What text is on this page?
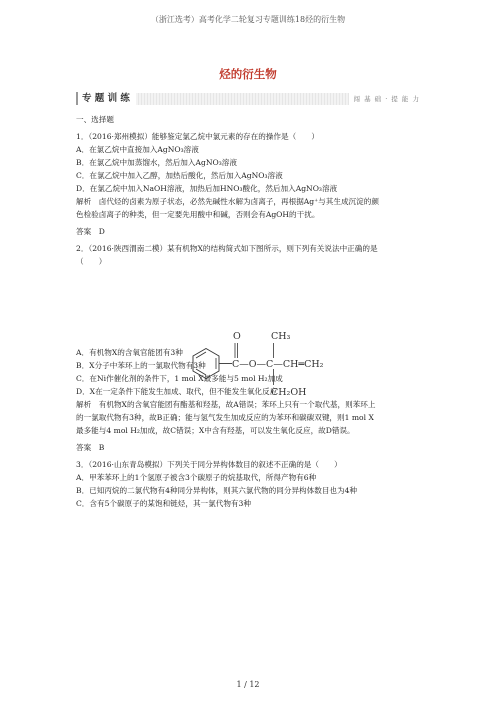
（浙江选考）高考化学二轮复习专题训练18烃的衍生物
烃的衍生物
专 题 训 练	闯 基 础 · 提 能 力

一、选择题

1．（2016·郑州模拟）能够鉴定氯乙烷中氯元素的存在的操作是（　　）

A．在氯乙烷中直接加入AgNO₃溶液

B．在氯乙烷中加蒸馏水，然后加入AgNO₃溶液

C．在氯乙烷中加入乙醇，加热后酸化，然后加入AgNO₃溶液

D．在氯乙烷中加入NaOH溶液，加热后加HNO₃酸化，然后加入AgNO₃溶液

解析　卤代烃的卤素为原子状态，必然先碱性水解为卤离子，再根据Ag⁺与其生成沉淀的颜

色检验卤离子的种类，但一定要先用酸中和碱，否则会有AgOH的干扰。

答案　D

2．（2016·陕西渭南二模）某有机物X的结构简式如下图所示，则下列有关说法中正确的是

（　　）

A．有机物X的含氧官能团有3种

B．X分子中苯环上的一氯取代物有3种

C．在Ni作催化剂的条件下，1 mol X最多能与5 mol H₂加成

D．X在一定条件下能发生加成、取代，但不能发生氧化反应

解析　有机物X的含氧官能团有酯基和羟基，故A错误；苯环上只有一个取代基，则苯环上

的一氯取代物有3种，故B正确；能与氢气发生加成反应的为苯环和碳碳双键，则1 mol X

最多能与4 mol H₂加成，故C错误；X中含有羟基，可以发生氧化反应，故D错误。

答案　B

3．（2016·山东青岛模拟）下列关于同分异构体数目的叙述不正确的是（　　）

A．甲苯苯环上的1个氢原子被含3个碳原子的烷基取代，所得产物有6种

B．已知丙烷的二氯代物有4种同分异构体，则其六氯代物的同分异构体数目也为4种

C．含有5个碳原子的某饱和链烃，其一氯代物有3种

O
C—O—C—CH═CH₂
CH₃
CH₂OH
1 / 12
